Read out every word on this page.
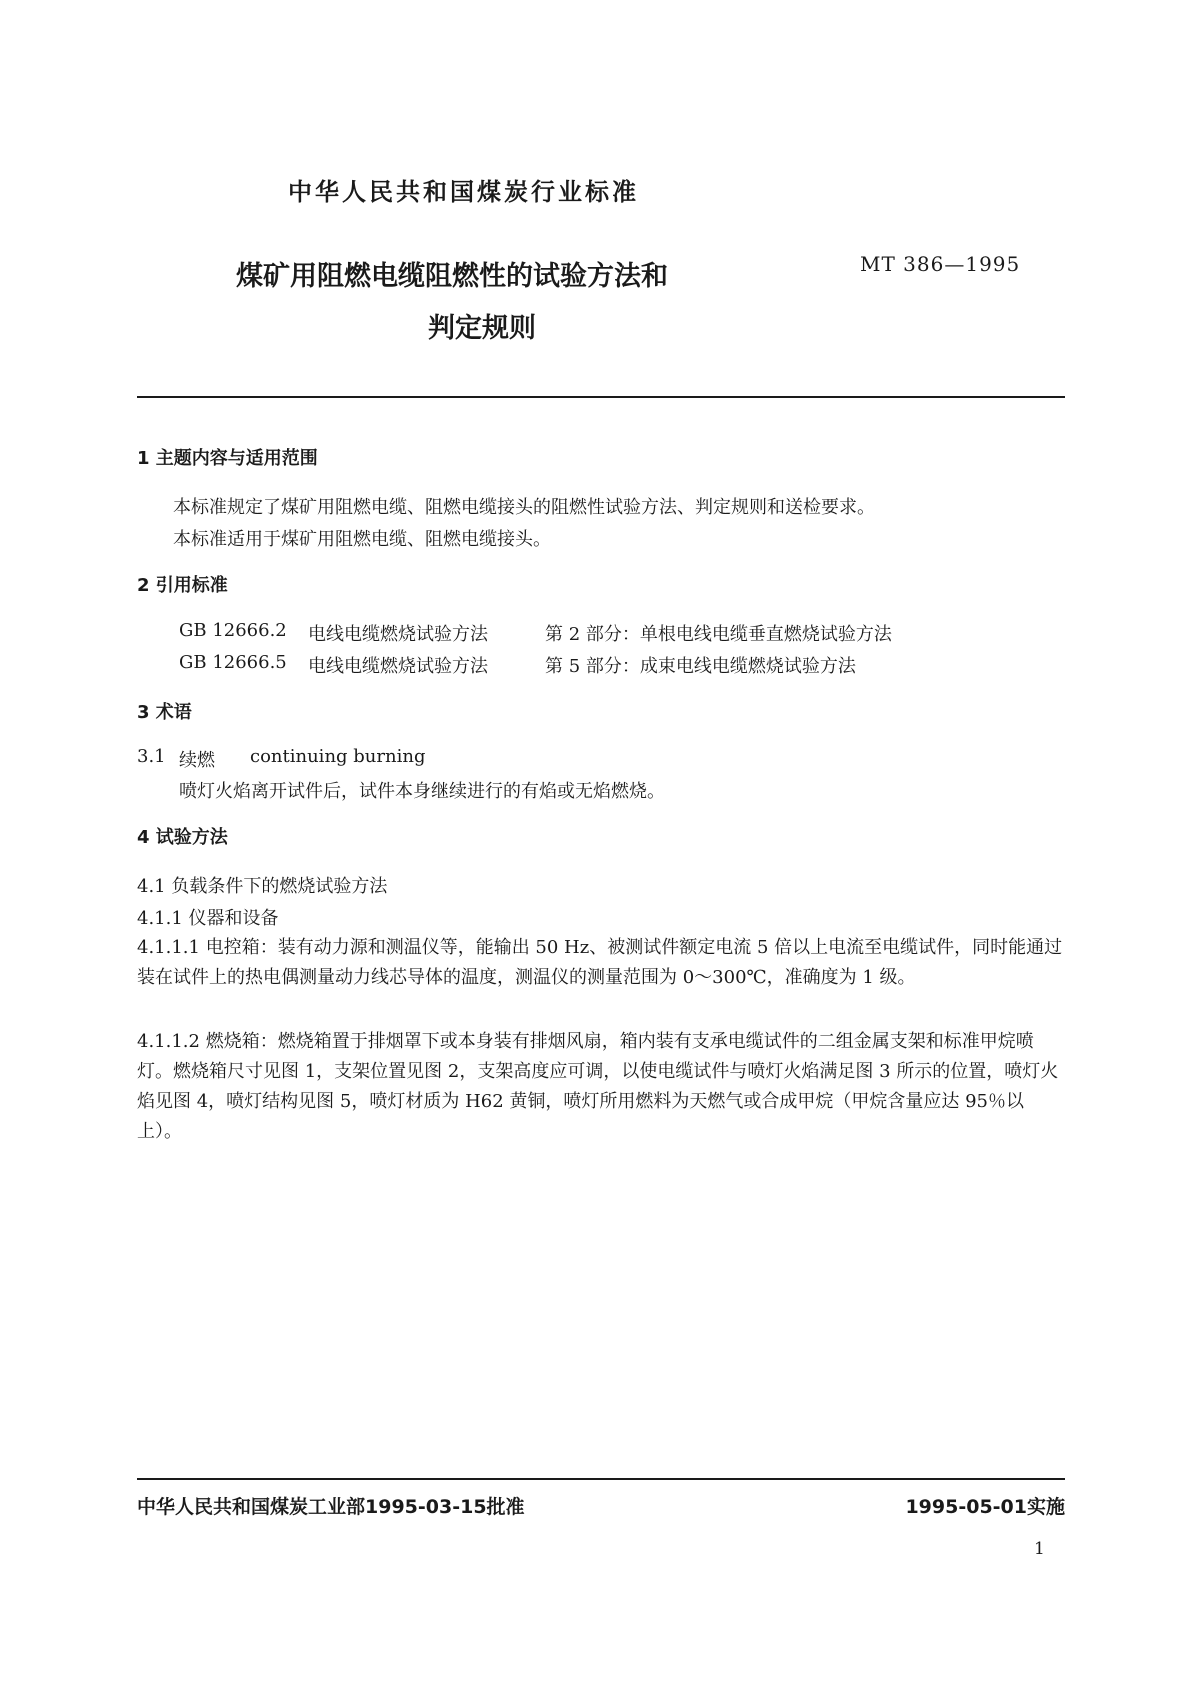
中华人民共和国煤炭行业标准
煤矿用阻燃电缆阻燃性的试验方法和
判定规则
MT 386—1995
1 主题内容与适用范围
本标准规定了煤矿用阻燃电缆、阻燃电缆接头的阻燃性试验方法、判定规则和送检要求。
本标准适用于煤矿用阻燃电缆、阻燃电缆接头。
2 引用标准
GB 12666.2 电线电缆燃烧试验方法	第 2 部分：单根电线电缆垂直燃烧试验方法
GB 12666.5 电线电缆燃烧试验方法	第 5 部分：成束电线电缆燃烧试验方法
3 术语
3.1 续燃 continuing burning
喷灯火焰离开试件后，试件本身继续进行的有焰或无焰燃烧。
4 试验方法
4.1 负载条件下的燃烧试验方法
4.1.1 仪器和设备
4.1.1.1 电控箱：装有动力源和测温仪等，能输出 50 Hz、被测试件额定电流 5 倍以上电流至电缆试件，同时能通过装在试件上的热电偶测量动力线芯导体的温度，测温仪的测量范围为 0～300℃，准确度为 1 级。
4.1.1.2 燃烧箱：燃烧箱置于排烟罩下或本身装有排烟风扇，箱内装有支承电缆试件的二组金属支架和标准甲烷喷灯。燃烧箱尺寸见图 1，支架位置见图 2，支架高度应可调，以使电缆试件与喷灯火焰满足图 3 所示的位置，喷灯火焰见图 4，喷灯结构见图 5，喷灯材质为 H62 黄铜，喷灯所用燃料为天燃气或合成甲烷（甲烷含量应达 95％以上）。
中华人民共和国煤炭工业部1995-03-15批准	1995-05-01实施
1
